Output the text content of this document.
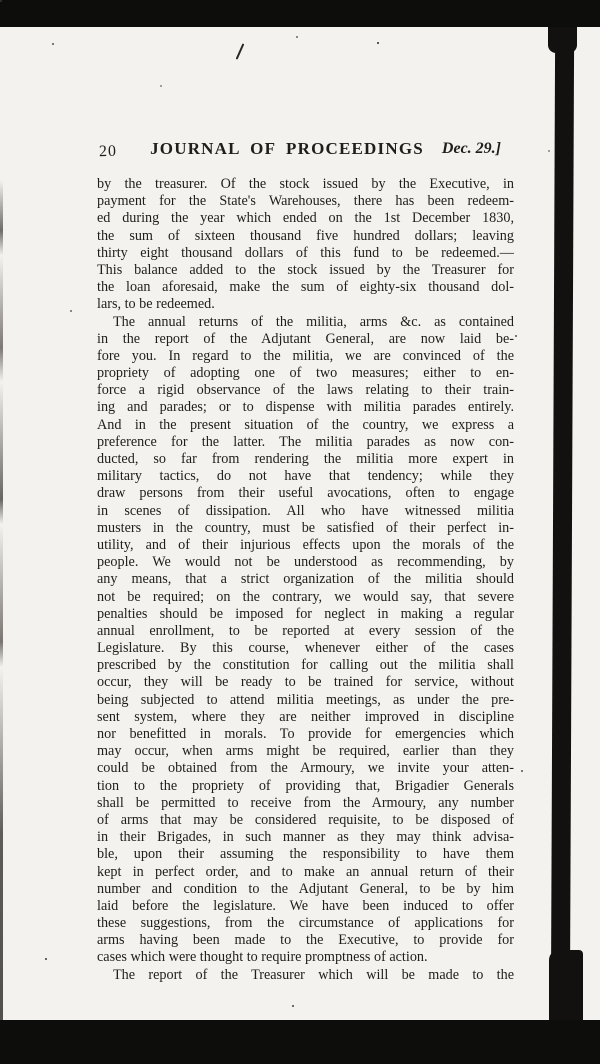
20 JOURNAL OF PROCEEDINGS Dec. 29.]
by the treasurer. Of the stock issued by the Executive, in
payment for the State's Warehouses, there has been redeem-
ed during the year which ended on the 1st December 1830,
the sum of sixteen thousand five hundred dollars; leaving
thirty eight thousand dollars of this fund to be redeemed.—
This balance added to the stock issued by the Treasurer for
the loan aforesaid, make the sum of eighty-six thousand dol-
lars, to be redeemed.
The annual returns of the militia, arms &c. as contained
in the report of the Adjutant General, are now laid be-
fore you. In regard to the militia, we are convinced of the
propriety of adopting one of two measures; either to en-
force a rigid observance of the laws relating to their train-
ing and parades; or to dispense with militia parades entirely.
And in the present situation of the country, we express a
preference for the latter. The militia parades as now con-
ducted, so far from rendering the militia more expert in
military tactics, do not have that tendency; while they
draw persons from their useful avocations, often to engage
in scenes of dissipation. All who have witnessed militia
musters in the country, must be satisfied of their perfect in-
utility, and of their injurious effects upon the morals of the
people. We would not be understood as recommending, by
any means, that a strict organization of the militia should
not be required; on the contrary, we would say, that severe
penalties should be imposed for neglect in making a regular
annual enrollment, to be reported at every session of the
Legislature. By this course, whenever either of the cases
prescribed by the constitution for calling out the militia shall
occur, they will be ready to be trained for service, without
being subjected to attend militia meetings, as under the pre-
sent system, where they are neither improved in discipline
nor benefitted in morals. To provide for emergencies which
may occur, when arms might be required, earlier than they
could be obtained from the Armoury, we invite your atten-
tion to the propriety of providing that, Brigadier Generals
shall be permitted to receive from the Armoury, any number
of arms that may be considered requisite, to be disposed of
in their Brigades, in such manner as they may think advisa-
ble, upon their assuming the responsibility to have them
kept in perfect order, and to make an annual return of their
number and condition to the Adjutant General, to be by him
laid before the legislature. We have been induced to offer
these suggestions, from the circumstance of applications for
arms having been made to the Executive, to provide for
cases which were thought to require promptness of action.
The report of the Treasurer which will be made to the
